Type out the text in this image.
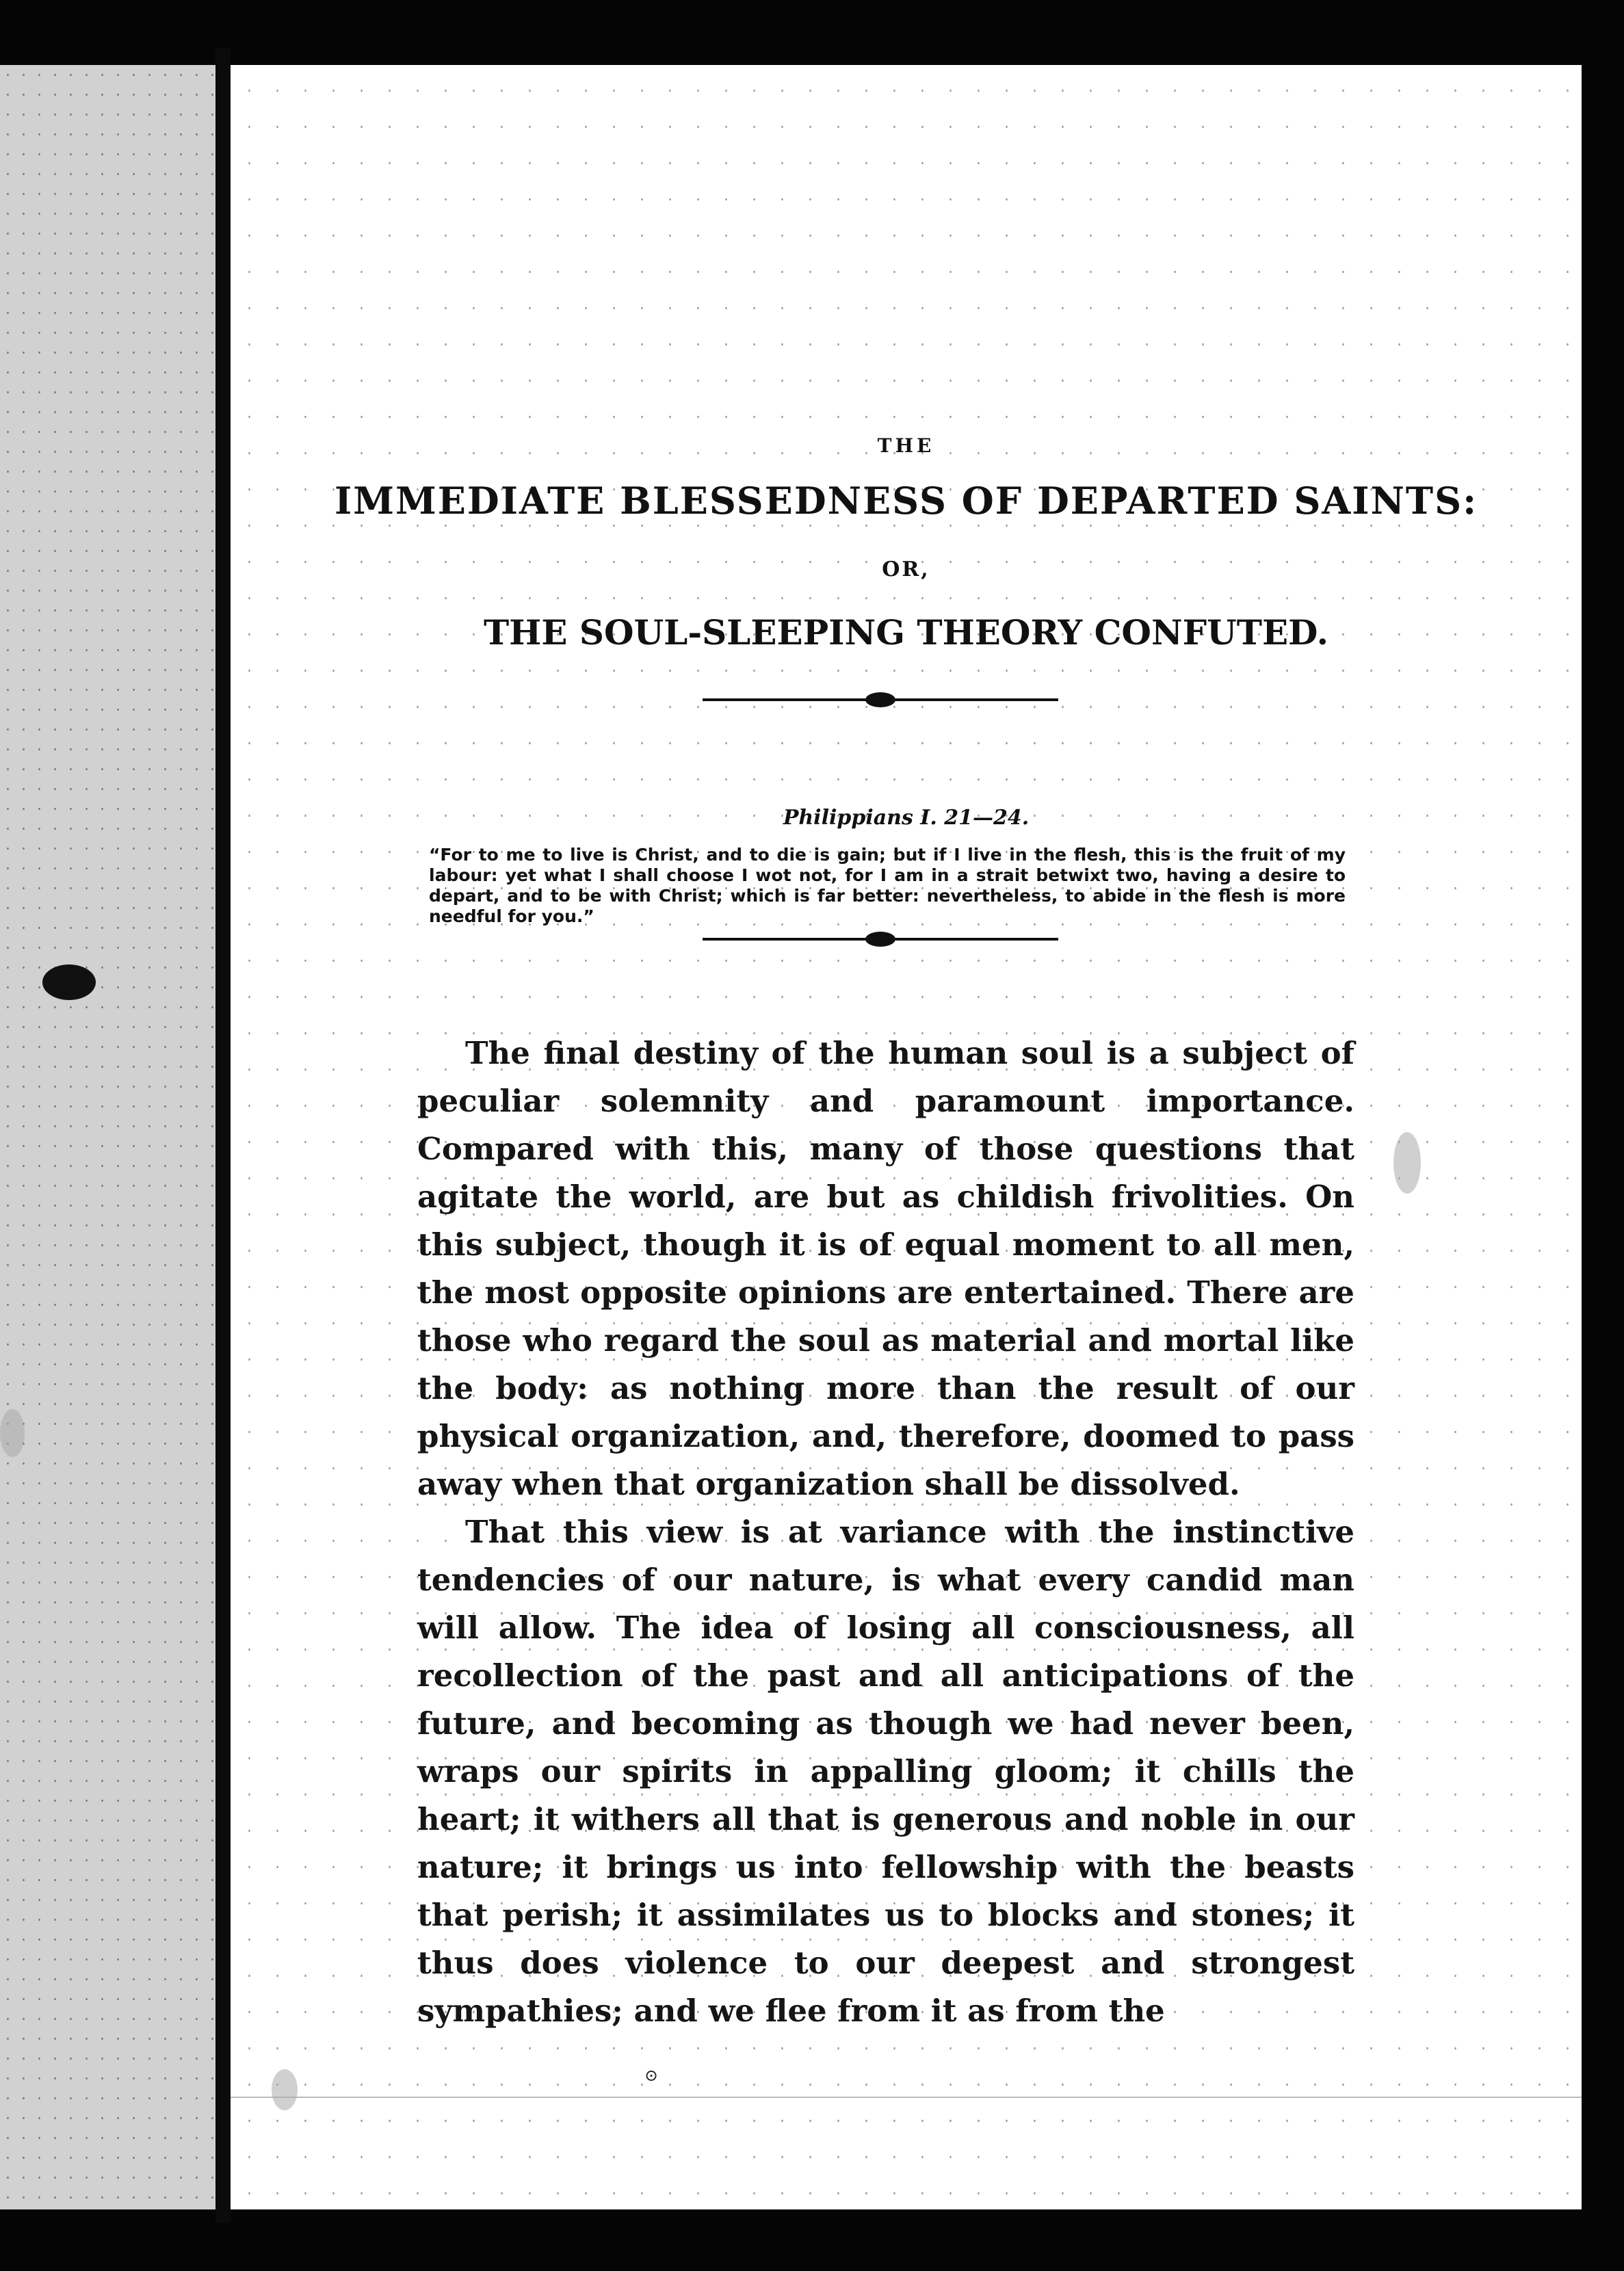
THE
IMMEDIATE BLESSEDNESS OF DEPARTED SAINTS:
OR,
THE SOUL-SLEEPING THEORY CONFUTED.
Philippians I. 21—24.
“For to me to live is Christ, and to die is gain; but if I live in the flesh, this is the fruit of my labour: yet what I shall choose I wot not, for I am in a strait betwixt two, having a desire to depart, and to be with Christ; which is far better: nevertheless, to abide in the flesh is more needful for you.”

The final destiny of the human soul is a subject of peculiar solemnity and paramount importance. Compared with this, many of those questions that agitate the world, are but as childish frivolities. On this subject, though it is of equal moment to all men, the most opposite opinions are entertained. There are those who regard the soul as material and mortal like the body: as nothing more than the result of our physical organization, and, therefore, doomed to pass away when that organization shall be dissolved.

That this view is at variance with the instinctive tendencies of our nature, is what every candid man will allow. The idea of losing all consciousness, all recollection of the past and all anticipations of the future, and becoming as though we had never been, wraps our spirits in appalling gloom; it chills the heart; it withers all that is generous and noble in our nature; it brings us into fellowship with the beasts that perish; it assimilates us to blocks and stones; it thus does violence to our deepest and strongest sympathies; and we flee from it as from the

⊙
